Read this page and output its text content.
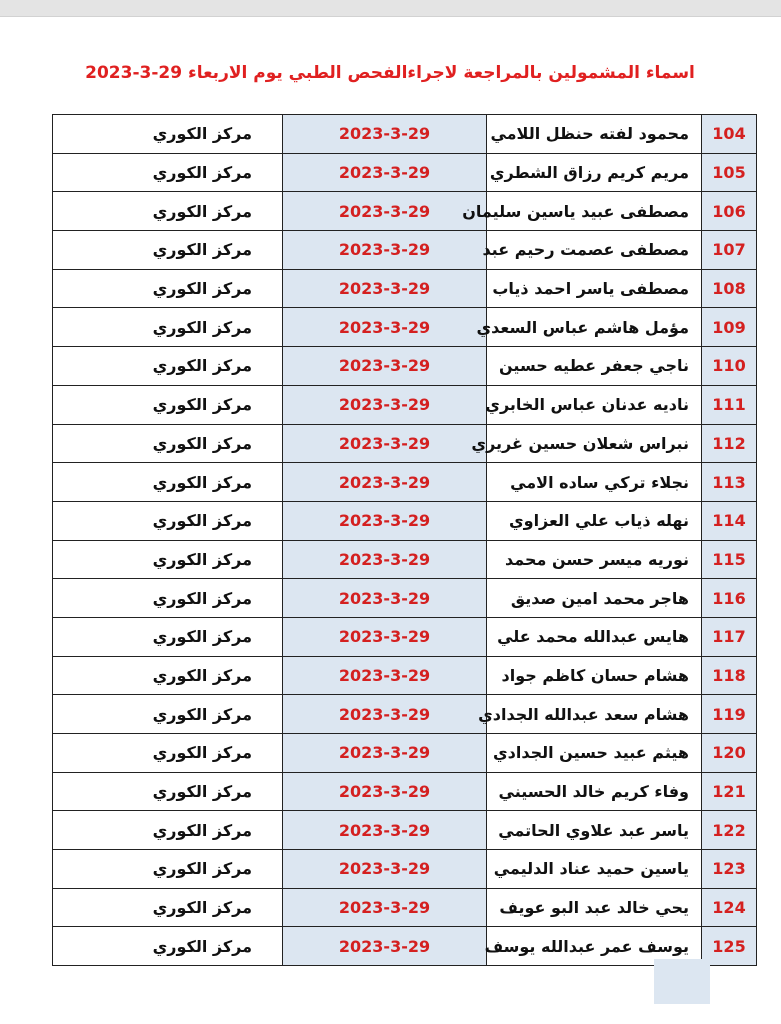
اسماء المشمولين بالمراجعة لاجراءالفحص الطبي يوم الاربعاء 29-3-2023
104	محمود لفته حنظل اللامي	2023-3-29	مركز الكوري
105	مريم كريم رزاق الشطري	2023-3-29	مركز الكوري
106	مصطفى عبيد ياسين سليمان	2023-3-29	مركز الكوري
107	مصطفى عصمت رحيم عبد	2023-3-29	مركز الكوري
108	مصطفى ياسر احمد ذياب	2023-3-29	مركز الكوري
109	مؤمل هاشم عباس السعدي	2023-3-29	مركز الكوري
110	ناجي جعفر عطيه حسين	2023-3-29	مركز الكوري
111	ناديه عدنان عباس الخابري	2023-3-29	مركز الكوري
112	نبراس شعلان حسين غريري	2023-3-29	مركز الكوري
113	نجلاء تركي ساده الامي	2023-3-29	مركز الكوري
114	نهله ذياب علي العزاوي	2023-3-29	مركز الكوري
115	نوريه ميسر حسن محمد	2023-3-29	مركز الكوري
116	هاجر محمد امين صديق	2023-3-29	مركز الكوري
117	هايس عبدالله محمد علي	2023-3-29	مركز الكوري
118	هشام حسان كاظم جواد	2023-3-29	مركز الكوري
119	هشام سعد عبدالله الجدادي	2023-3-29	مركز الكوري
120	هيثم عبيد حسين الجدادي	2023-3-29	مركز الكوري
121	وفاء كريم خالد الحسيني	2023-3-29	مركز الكوري
122	ياسر عبد علاوي الحاتمي	2023-3-29	مركز الكوري
123	ياسين حميد عناد الدليمي	2023-3-29	مركز الكوري
124	يحي خالد عبد البو عويف	2023-3-29	مركز الكوري
125	يوسف عمر عبدالله يوسف	2023-3-29	مركز الكوري
